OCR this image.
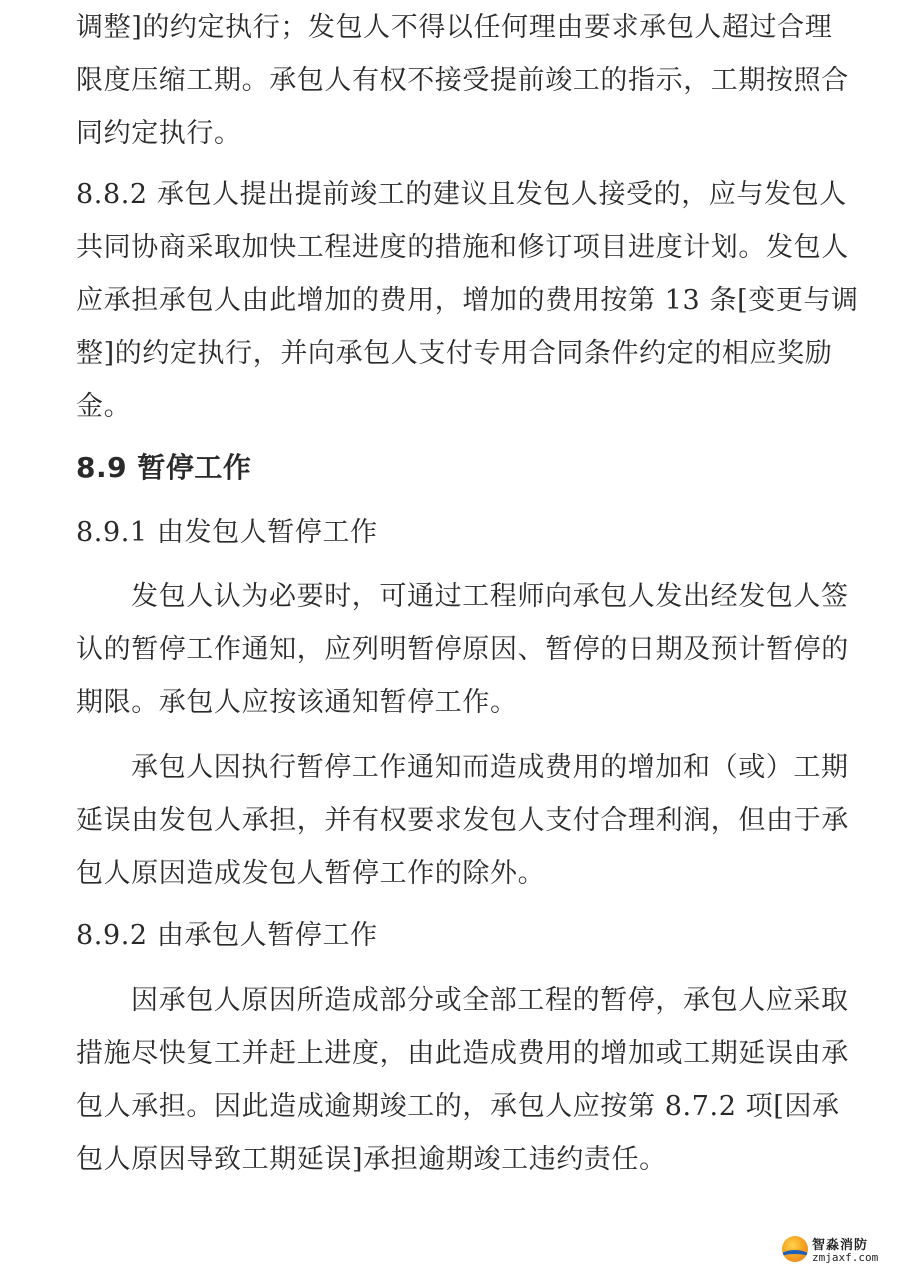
调整]的约定执行；发包人不得以任何理由要求承包人超过合理
限度压缩工期。承包人有权不接受提前竣工的指示，工期按照合
同约定执行。
8.8.2 承包人提出提前竣工的建议且发包人接受的，应与发包人
共同协商采取加快工程进度的措施和修订项目进度计划。发包人
应承担承包人由此增加的费用，增加的费用按第 13 条[变更与调
整]的约定执行，并向承包人支付专用合同条件约定的相应奖励
金。
8.9 暂停工作
8.9.1 由发包人暂停工作
发包人认为必要时，可通过工程师向承包人发出经发包人签
认的暂停工作通知，应列明暂停原因、暂停的日期及预计暂停的
期限。承包人应按该通知暂停工作。
承包人因执行暂停工作通知而造成费用的增加和（或）工期
延误由发包人承担，并有权要求发包人支付合理利润，但由于承
包人原因造成发包人暂停工作的除外。
8.9.2 由承包人暂停工作
因承包人原因所造成部分或全部工程的暂停，承包人应采取
措施尽快复工并赶上进度，由此造成费用的增加或工期延误由承
包人承担。因此造成逾期竣工的，承包人应按第 8.7.2 项[因承
包人原因导致工期延误]承担逾期竣工违约责任。
智淼消防
zmjaxf.com
